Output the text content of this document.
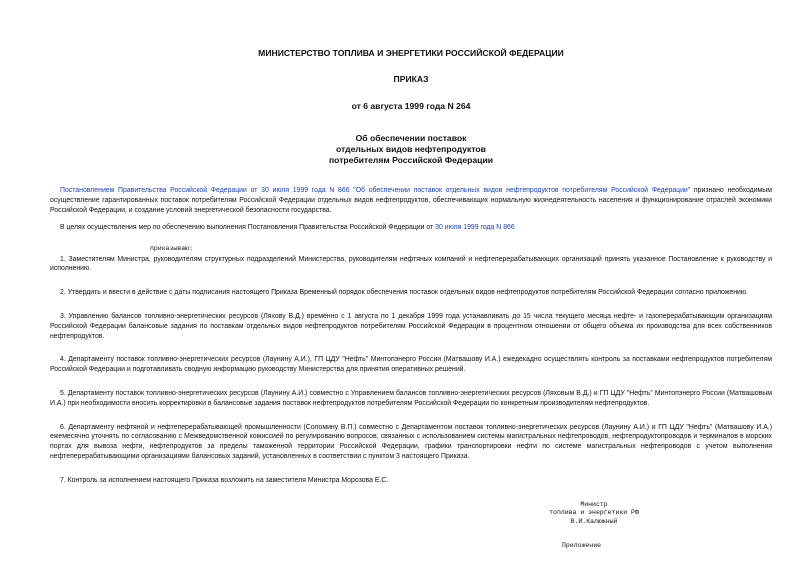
МИНИСТЕРСТВО ТОПЛИВА И ЭНЕРГЕТИКИ РОССИЙСКОЙ ФЕДЕРАЦИИ
ПРИКАЗ
от 6 августа 1999 года N 264
Об обеспечении поставок
отдельных видов нефтепродуктов
потребителям Российской Федерации

Постановлением Правительства Российской Федерации от 30 июля 1999 года N 866 "Об обеспечении поставок отдельных видов нефтепродуктов потребителям Российской Федерации" признано необходимым осуществление гарантированных поставок потребителям Российской Федерации отдельных видов нефтепродуктов, обеспечивающих нормальную жизнедеятельность населения и функционирование отраслей экономики Российской Федерации, и создание условий энергетической безопасности государства.

В целях осуществления мер по обеспечению выполнения Постановления Правительства Российской Федерации от 30 июля 1999 года N 866

приказываю:

1. Заместителям Министра, руководителям структурных подразделений Министерства, руководителям нефтяных компаний и нефтеперерабатывающих организаций принять указанное Постановление к руководству и исполнению.

2. Утвердить и ввести в действие с даты подписания настоящего Приказа Временный порядок обеспечения поставок отдельных видов нефтепродуктов потребителям Российской Федерации согласно приложению.

3. Управлению балансов топливно-энергетических ресурсов (Ляхову В.Д.) временно с 1 августа по 1 декабря 1999 года устанавливать до 15 числа текущего месяца нефте- и газоперерабатывающим организациям Российской Федерации балансовые задания по поставкам отдельных видов нефтепродуктов потребителям Российской Федерации в процентном отношении от общего объема их производства для всех собственников нефтепродуктов.

4. Департаменту поставок топливно-энергетических ресурсов (Лаунину А.И.), ГП ЦДУ "Нефть" Минтопэнерго России (Матвашову И.А.) ежедекадно осуществлять контроль за поставками нефтепродуктов потребителям Российской Федерации и подготавливать сводную информацию руководству Министерства для принятия оперативных решений.

5. Департаменту поставок топливно-энергетических ресурсов (Лаунину А.И.) совместно с Управлением балансов топливно-энергетических ресурсов (Ляховым В.Д.) и ГП ЦДУ "Нефть" Минтопэнерго России (Матвашовым И.А.) при необходимости вносить корректировки в балансовые задания поставок нефтепродуктов потребителям Российской Федерации по конкретным производителям нефтепродуктов.

6. Департаменту нефтяной и нефтеперерабатывающей промышленности (Соломину В.П.) совместно с Департаментом поставок топливно-энергетических ресурсов (Лаунину А.И.) и ГП ЦДУ "Нефть" (Матвашову И.А.) ежемесячно уточнять по согласованию с Межведомственной комиссией по регулированию вопросов, связанных с использованием системы магистральных нефтепроводов, нефтепродуктопроводов и терминалов в морских портах для вывоза нефти, нефтепродуктов за пределы таможенной территории Российской Федерации, графики транспортировки нефти по системе магистральных нефтепроводов с учетом выполнения нефтеперерабатывающими организациями балансовых заданий, установленных в соответствии с пунктом 3 настоящего Приказа.

7. Контроль за исполнением настоящего Приказа возложить на заместителя Министра Морозова Е.С.

Министр
топлива и энергетики РФ
В.И.Калюжный
Приложение
